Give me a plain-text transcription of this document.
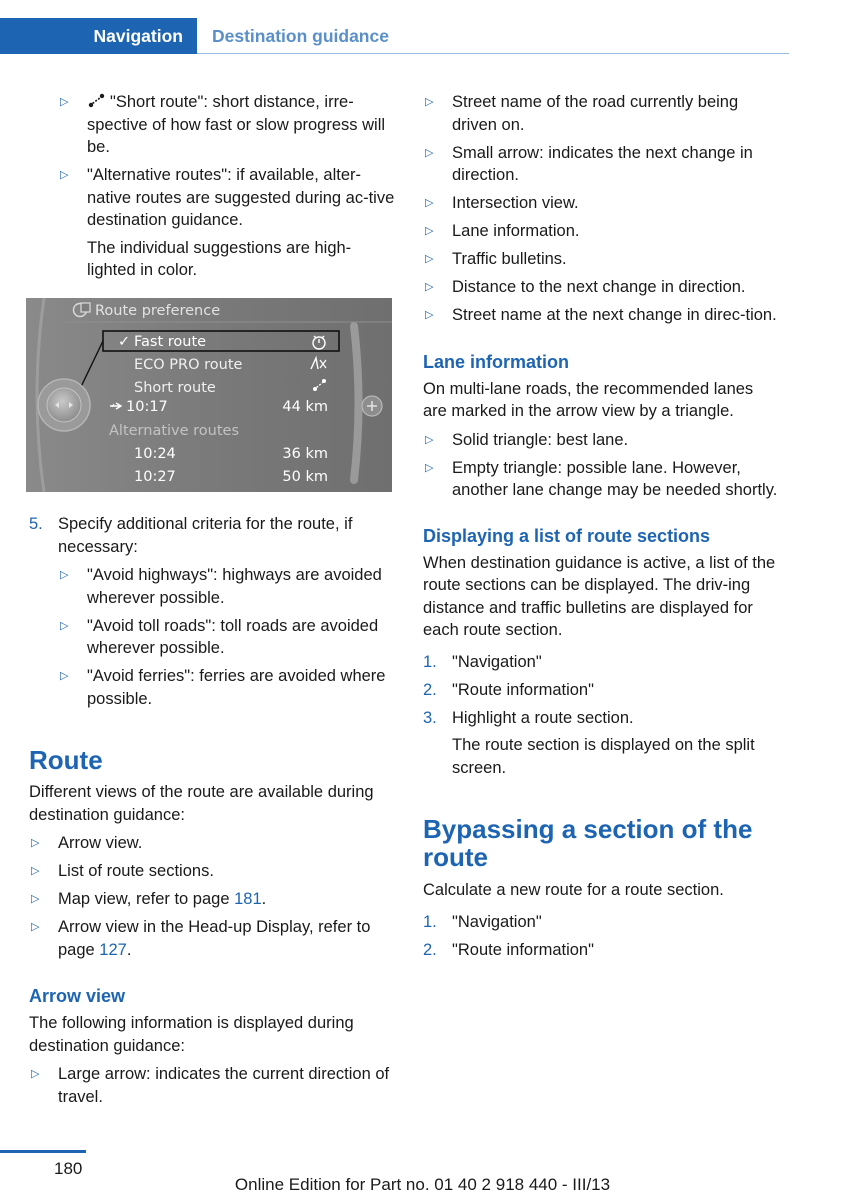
Navigation	Destination guidance
▷	"Short route": short distance, irre-spective of how fast or slow progress will be.
▷ "Alternative routes": if available, alter-native routes are suggested during ac-tive destination guidance.

The individual suggestions are high-lighted in color.

Route preference
✓ Fast route
ECO PRO route
Short route
10:17	44 km
Alternative routes
10:24	36 km
10:27	50 km
5. Specify additional criteria for the route, if necessary:
▷ "Avoid highways": highways are avoided wherever possible.
▷ "Avoid toll roads": toll roads are avoided wherever possible.
▷ "Avoid ferries": ferries are avoided where possible.
Route

Different views of the route are available during destination guidance:

▷ Arrow view.
▷ List of route sections.
▷ Map view, refer to page 181.
▷ Arrow view in the Head-up Display, refer to page 127.
Arrow view

The following information is displayed during destination guidance:

▷ Large arrow: indicates the current direction of travel.
▷ Street name of the road currently being driven on.
▷ Small arrow: indicates the next change in direction.
▷ Intersection view.
▷ Lane information.
▷ Traffic bulletins.
▷ Distance to the next change in direction.
▷ Street name at the next change in direc-tion.
Lane information

On multi-lane roads, the recommended lanes are marked in the arrow view by a triangle.

▷ Solid triangle: best lane.
▷ Empty triangle: possible lane. However, another lane change may be needed shortly.
Displaying a list of route sections

When destination guidance is active, a list of the route sections can be displayed. The driv-ing distance and traffic bulletins are displayed for each route section.

1. "Navigation"
2. "Route information"
3. Highlight a route section.

The route section is displayed on the split screen.

Bypassing a section of the route

Calculate a new route for a route section.

1. "Navigation"
2. "Route information"
180
Online Edition for Part no. 01 40 2 918 440 - III/13
